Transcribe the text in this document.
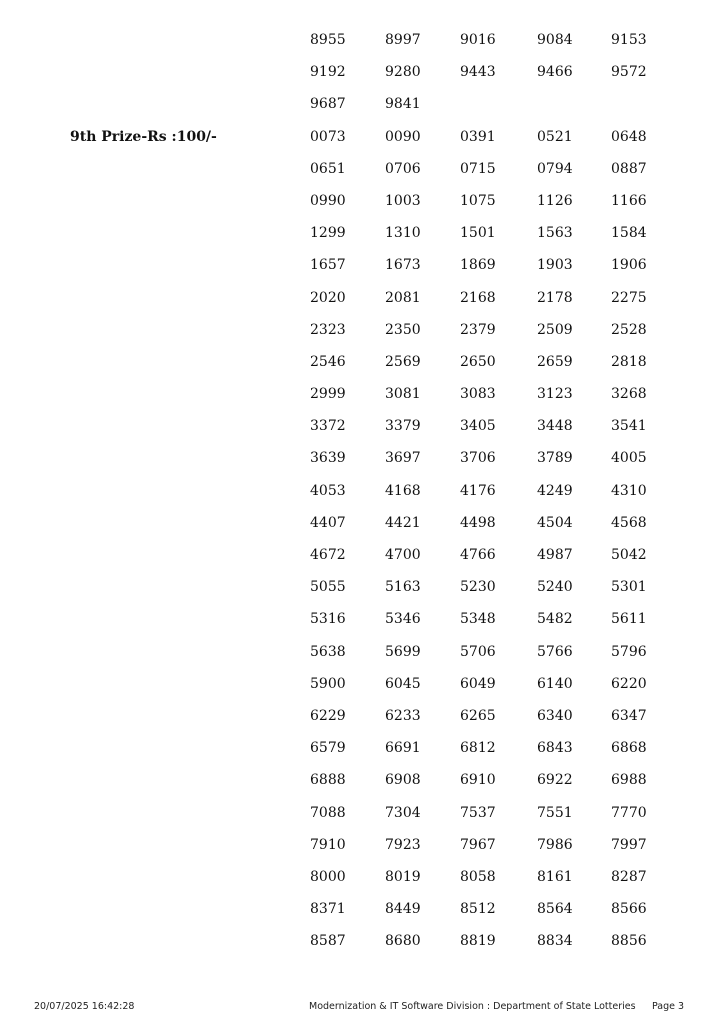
8955	8997	9016	9084	9153
9192	9280	9443	9466	9572
9687	9841
9th Prize-Rs :100/-	0073	0090	0391	0521	0648
0651	0706	0715	0794	0887
0990	1003	1075	1126	1166
1299	1310	1501	1563	1584
1657	1673	1869	1903	1906
2020	2081	2168	2178	2275
2323	2350	2379	2509	2528
2546	2569	2650	2659	2818
2999	3081	3083	3123	3268
3372	3379	3405	3448	3541
3639	3697	3706	3789	4005
4053	4168	4176	4249	4310
4407	4421	4498	4504	4568
4672	4700	4766	4987	5042
5055	5163	5230	5240	5301
5316	5346	5348	5482	5611
5638	5699	5706	5766	5796
5900	6045	6049	6140	6220
6229	6233	6265	6340	6347
6579	6691	6812	6843	6868
6888	6908	6910	6922	6988
7088	7304	7537	7551	7770
7910	7923	7967	7986	7997
8000	8019	8058	8161	8287
8371	8449	8512	8564	8566
8587	8680	8819	8834	8856
20/07/2025 16:42:28	Modernization & IT Software Division : Department of State Lotteries Page 3
